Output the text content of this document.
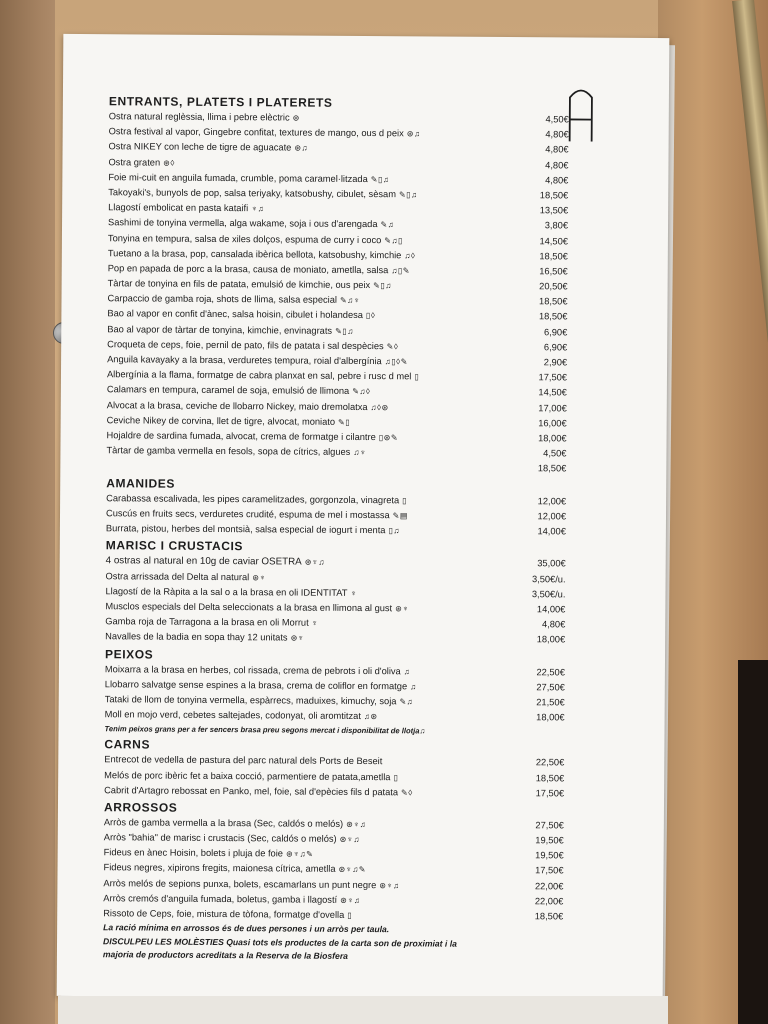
A
ENTRANTS, PLATETS I PLATERETS
Ostra natural reglèssia, llima i pebre elèctric ⊛	4,50€
Ostra festival al vapor, Gingebre confitat, textures de mango, ous d peix ⊛♫	4,80€
Ostra NIKEY con leche de tigre de aguacate ⊛♫	4,80€
Ostra graten ⊛◊	4,80€
Foie mi-cuit en anguila fumada, crumble, poma caramel·litzada ✎▯♫	4,80€
Takoyaki's, bunyols de pop, salsa teriyaky, katsobushy, cibulet, sèsam ✎▯♫	18,50€
Llagostí embolicat en pasta kataifi ♆♫	13,50€
Sashimi de tonyina vermella, alga wakame, soja i ous d'arengada ✎♫	3,80€
Tonyina en tempura, salsa de xiles dolços, espuma de curry i coco ✎♫▯	14,50€
Tuetano a la brasa, pop, cansalada ibèrica bellota, katsobushy, kimchie ♫◊	18,50€
Pop en papada de porc a la brasa, causa de moniato, ametlla, salsa ♫▯✎	16,50€
Tàrtar de tonyina en fils de patata, emulsió de kimchie, ous peix ✎▯♫	20,50€
Carpaccio de gamba roja, shots de llima, salsa especial ✎♫♆	18,50€
Bao al vapor en confit d'ànec, salsa hoisin, cibulet i holandesa ▯◊	18,50€
Bao al vapor de tàrtar de tonyina, kimchie, envinagrats ✎▯♫	6,90€
Croqueta de ceps, foie, pernil de pato, fils de patata i sal despècies ✎◊	6,90€
Anguila kavayaky a la brasa, verduretes tempura, roial d'albergínia ♫▯◊✎	2,90€
Albergínia a la flama, formatge de cabra planxat en sal, pebre i rusc d mel ▯	17,50€
Calamars en tempura, caramel de soja, emulsió de llimona ✎♫◊	14,50€
Alvocat a la brasa, ceviche de llobarro Nickey, maio dremolatxa ♫◊⊛	17,00€
Ceviche Nikey de corvina, llet de tigre, alvocat, moniato ✎▯	16,00€
Hojaldre de sardina fumada, alvocat, crema de formatge i cilantre ▯⊛✎	18,00€
Tàrtar de gamba vermella en fesols, sopa de cítrics, algues ♫♆	4,50€
18,50€
AMANIDES
Carabassa escalivada, les pipes caramelitzades, gorgonzola, vinagreta ▯	12,00€
Cuscús en fruits secs, verduretes crudité, espuma de mel i mostassa ✎▤	12,00€
Burrata, pistou, herbes del montsià, salsa especial de iogurt i menta ▯♫	14,00€
MARISC I CRUSTACIS
4 ostras al natural en 10g de caviar OSETRA ⊛♆♫	35,00€
Ostra arrissada del Delta al natural ⊛♆	3,50€/u.
Llagostí de la Ràpita a la sal o a la brasa en oli IDENTITAT ♆	3,50€/u.
Musclos especials del Delta seleccionats a la brasa en llimona al gust ⊛♆	14,00€
Gamba roja de Tarragona a la brasa en oli Morrut ♆	4,80€
Navalles de la badia en sopa thay 12 unitats ⊛♆	18,00€
PEIXOS
Moixarra a la brasa en herbes, col rissada, crema de pebrots i oli d'oliva ♫	22,50€
Llobarro salvatge sense espines a la brasa, crema de coliflor en formatge ♫	27,50€
Tataki de llom de tonyina vermella, espàrrecs, maduixes, kimuchy, soja ✎♫	21,50€
Moll en mojo verd, cebetes saltejades, codonyat, oli aromtitzat ♫⊛	18,00€
Tenim peixos grans per a fer sencers brasa preu segons mercat i disponibilitat de llotja♫
CARNS
Entrecot de vedella de pastura del parc natural dels Ports de Beseit	22,50€
Melós de porc ibèric fet a baixa cocció, parmentiere de patata,ametlla ▯	18,50€
Cabrit d'Artagro rebossat en Panko, mel, foie, sal d'epècies fils d patata ✎◊	17,50€
ARROSSOS
Arròs de gamba vermella a la brasa (Sec, caldós o melós) ⊛♆♫	27,50€
Arròs "bahia" de marisc i crustacis (Sec, caldós o melós) ⊛♆♫	19,50€
Fideus en ànec Hoisin, bolets i pluja de foie ⊛♆♫✎	19,50€
Fideus negres, xipirons fregits, maionesa cítrica, ametlla ⊛♆♫✎	17,50€
Arròs melós de sepions punxa, bolets, escamarlans un punt negre ⊛♆♫	22,00€
Arròs cremós d'anguila fumada, boletus, gamba i llagostí ⊛♆♫	22,00€
Rissoto de Ceps, foie, mistura de tòfona, formatge d'ovella ▯	18,50€
La ració mínima en arrossos és de dues persones i un arròs per taula.
DISCULPEU LES MOLÈSTIES Quasi tots els productes de la carta son de proximiat i la
majoria de productors acreditats a la Reserva de la Biosfera
